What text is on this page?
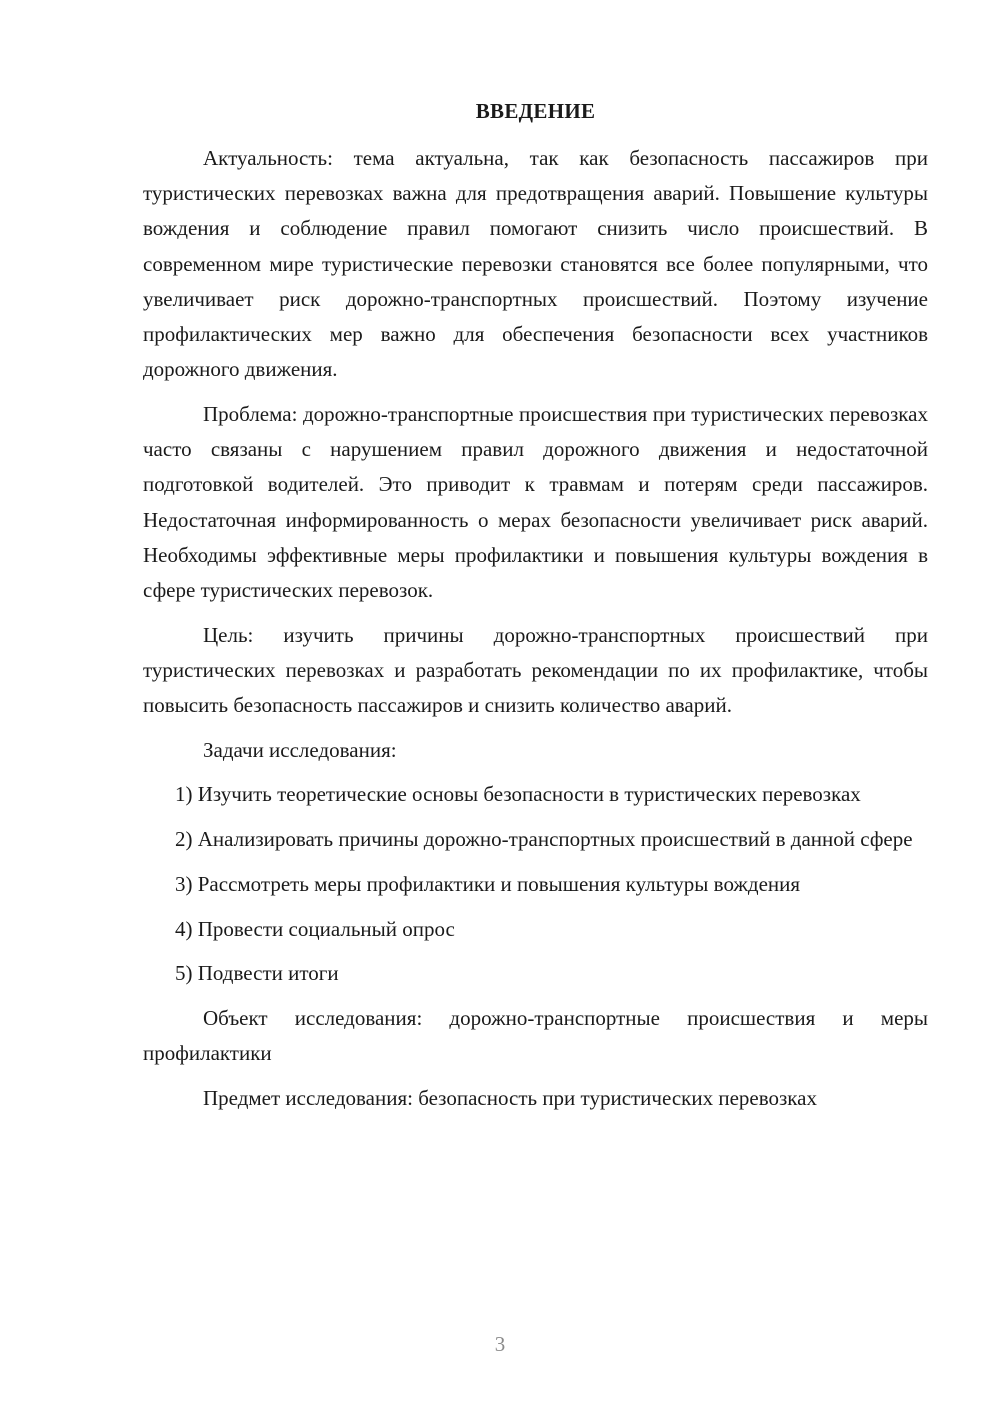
ВВЕДЕНИЕ

Актуальность: тема актуальна, так как безопасность пассажиров при туристических перевозках важна для предотвращения аварий. Повышение культуры вождения и соблюдение правил помогают снизить число происшествий. В современном мире туристические перевозки становятся все более популярными, что увеличивает риск дорожно-транспортных происшествий. Поэтому изучение профилактических мер важно для обеспечения безопасности всех участников дорожного движения.

Проблема: дорожно-транспортные происшествия при туристических перевозках часто связаны с нарушением правил дорожного движения и недостаточной подготовкой водителей. Это приводит к травмам и потерям среди пассажиров. Недостаточная информированность о мерах безопасности увеличивает риск аварий. Необходимы эффективные меры профилактики и повышения культуры вождения в сфере туристических перевозок.

Цель: изучить причины дорожно-транспортных происшествий при туристических перевозках и разработать рекомендации по их профилактике, чтобы повысить безопасность пассажиров и снизить количество аварий.

Задачи исследования:

1) Изучить теоретические основы безопасности в туристических перевозках

2) Анализировать причины дорожно-транспортных происшествий в данной сфере

3) Рассмотреть меры профилактики и повышения культуры вождения

4) Провести социальный опрос

5) Подвести итоги

Объект исследования: дорожно-транспортные происшествия и меры профилактики

Предмет исследования: безопасность при туристических перевозках

3
